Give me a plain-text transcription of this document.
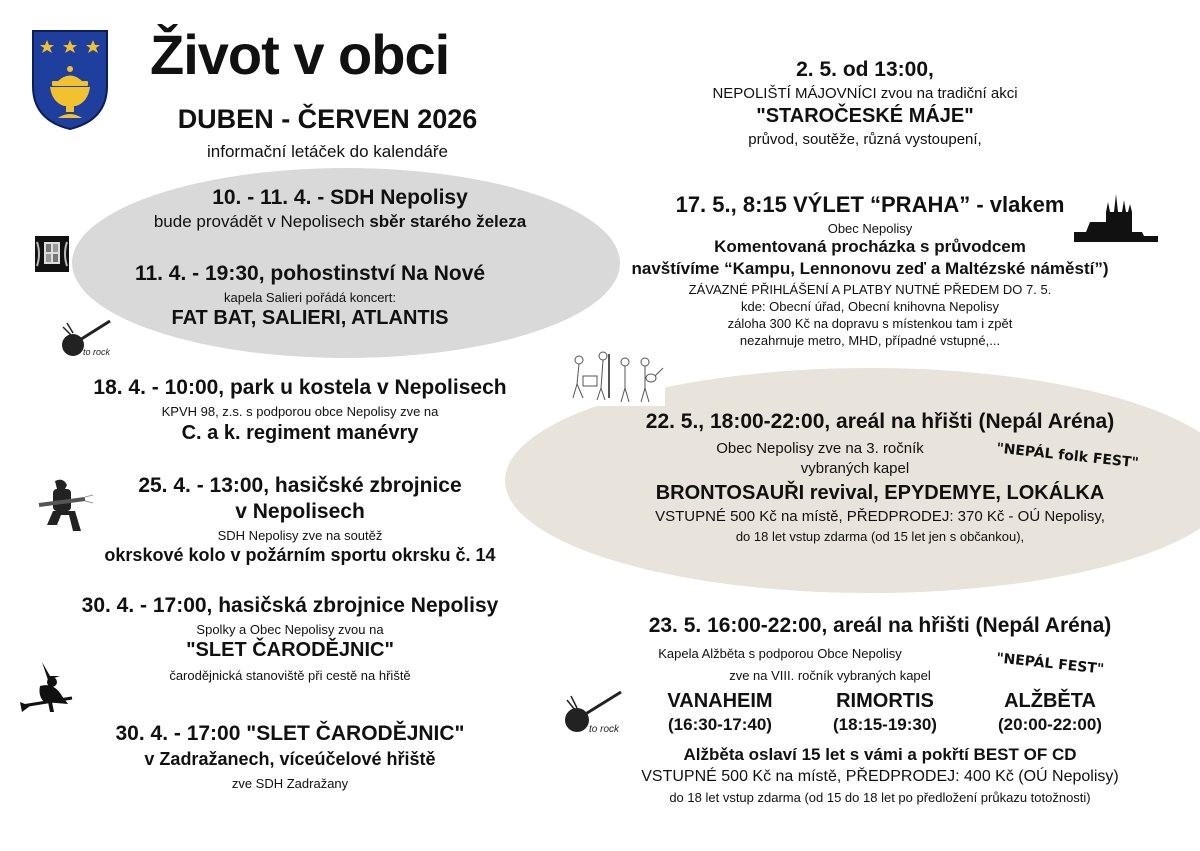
Život v obci
DUBEN - ČERVEN 2026
informační letáček do kalendáře
10. - 11. 4. - SDH Nepolisy
bude provádět v Nepolisech sběr starého železa
11. 4. - 19:30, pohostinství Na Nové
kapela Salieri pořádá koncert:
FAT BAT, SALIERI, ATLANTIS
to rock
18. 4. - 10:00, park u kostela v Nepolisech
KPVH 98, z.s. s podporou obce Nepolisy zve na
C. a k. regiment manévry
25. 4. - 13:00, hasičské zbrojnice
v Nepolisech
SDH Nepolisy zve na soutěž
okrskové kolo v požárním sportu okrsku č. 14
30. 4. - 17:00, hasičská zbrojnice Nepolisy
Spolky a Obec Nepolisy zvou na
"SLET ČARODĚJNIC"
čarodějnická stanoviště při cestě na hřiště
30. 4. - 17:00 "SLET ČARODĚJNIC"
v Zadražanech, víceúčelové hřiště
zve SDH Zadražany
2. 5. od 13:00,
NEPOLIŠTÍ MÁJOVNÍCI zvou na tradiční akci
"STAROČESKÉ MÁJE"
průvod, soutěže, různá vystoupení,
17. 5., 8:15 VÝLET “PRAHA” - vlakem
Obec Nepolisy
Komentovaná procházka s průvodcem
navštívíme “Kampu, Lennonovu zeď a Maltézské náměstí”)
ZÁVAZNÉ PŘIHLÁŠENÍ A PLATBY NUTNÉ PŘEDEM DO 7. 5.
kde: Obecní úřad, Obecní knihovna Nepolisy
záloha 300 Kč na dopravu s místenkou tam i zpět
nezahrnuje metro, MHD, případné vstupné,...
22. 5., 18:00-22:00, areál na hřišti (Nepál Aréna)
Obec Nepolisy zve na 3. ročník
vybraných kapel
BRONTOSAUŘI revival, EPYDEMYE, LOKÁLKA
VSTUPNÉ 500 Kč na místě, PŘEDPRODEJ: 370 Kč - OÚ Nepolisy,
do 18 let vstup zdarma (od 15 let jen s občankou),
"NEPÁL folk FEST"
23. 5. 16:00-22:00, areál na hřišti (Nepál Aréna)
Kapela Alžběta s podporou Obce Nepolisy
zve na VIII. ročník vybraných kapel	"NEPÁL FEST"
to rock
VANAHEIM
(16:30-17:40)
RIMORTIS
(18:15-19:30)
ALŽBĚTA
(20:00-22:00)
Alžběta oslaví 15 let s vámi a pokřtí BEST OF CD
VSTUPNÉ 500 Kč na místě, PŘEDPRODEJ: 400 Kč (OÚ Nepolisy)
do 18 let vstup zdarma (od 15 do 18 let po předložení průkazu totožnosti)
